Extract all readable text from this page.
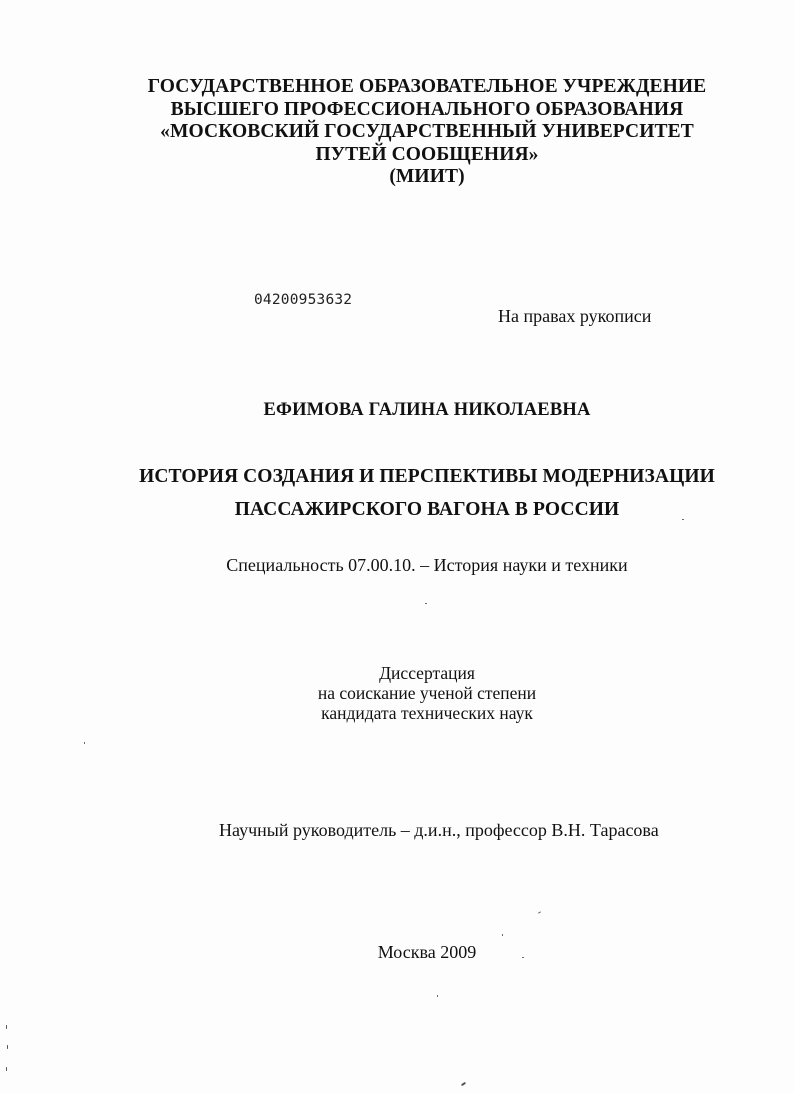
ГОСУДАРСТВЕННОЕ ОБРАЗОВАТЕЛЬНОЕ УЧРЕЖДЕНИЕ
ВЫСШЕГО ПРОФЕССИОНАЛЬНОГО ОБРАЗОВАНИЯ
«МОСКОВСКИЙ ГОСУДАРСТВЕННЫЙ УНИВЕРСИТЕТ
ПУТЕЙ СООБЩЕНИЯ»
(МИИТ)
04200953632
На правах рукописи
ЕФИМОВА ГАЛИНА НИКОЛАЕВНА
ИСТОРИЯ СОЗДАНИЯ И ПЕРСПЕКТИВЫ МОДЕРНИЗАЦИИ
ПАССАЖИРСКОГО ВАГОНА В РОССИИ
Специальность 07.00.10. – История науки и техники
Диссертация
на соискание ученой степени
кандидата технических наук
Научный руководитель – д.и.н., профессор В.Н. Тарасова
Москва 2009
